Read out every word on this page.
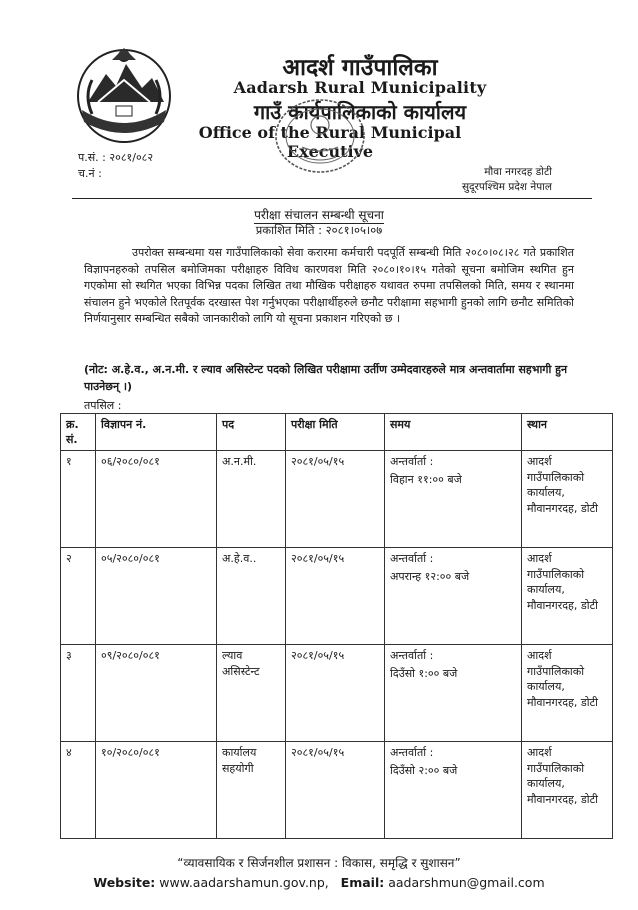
आदर्श गाउँपालिका
Aadarsh Rural Municipality
गाउँ कार्यपालिकाको कार्यालय
Office of the Rural Municipal Executive
प.सं. : २०८१/०८२
च.नं :	मौवा नगरदह डोटी
सुदूरपश्चिम प्रदेश नेपाल
परीक्षा संचालन सम्बन्धी सूचना
प्रकाशित मिति : २०८१।०५।०७

उपरोक्त सम्बन्धमा यस गाउँपालिकाको सेवा करारमा कर्मचारी पदपूर्ति सम्बन्धी मिति २०८०।०८।२८ गते प्रकाशित विज्ञापनहरुको तपसिल बमोजिमका परीक्षाहरु विविध कारणवश मिति २०८०।१०।१५ गतेको सूचना बमोजिम स्थगित हुन गएकोमा सो स्थगित भएका विभिन्न पदका लिखित तथा मौखिक परीक्षाहरु यथावत रुपमा तपसिलको मिति, समय र स्थानमा संचालन हुने भएकोले रितपूर्वक दरखास्त पेश गर्नुभएका परीक्षार्थीहरुले छनौट परीक्षामा सहभागी हुनको लागि छनौट समितिको निर्णयानुसार सम्बन्धित सबैको जानकारीको लागि यो सूचना प्रकाशन गरिएको छ ।

(नोट: अ.हे.व., अ.न.मी. र ल्याव असिस्टेन्ट पदको लिखित परीक्षामा उर्तीण उम्मेदवारहरुले मात्र अन्तवार्तामा सहभागी हुन पाउनेछन् ।)

तपसिल :
क्र. सं.	विज्ञापन नं.	पद	परीक्षा मिति	समय	स्थान
१	०६/२०८०/०८१	अ.न.मी.	२०८१/०५/१५	अन्तर्वार्ता :
विहान ११:०० बजे	आदर्श गाउँपालिकाको कार्यालय, मौवानगरदह, डोटी
२	०५/२०८०/०८१	अ.हे.व..	२०८१/०५/१५	अन्तर्वार्ता :
अपरान्ह १२:०० बजे	आदर्श गाउँपालिकाको कार्यालय, मौवानगरदह, डोटी
३	०९/२०८०/०८१	ल्याव असिस्टेन्ट	२०८१/०५/१५	अन्तर्वार्ता :
दिउँसो १:०० बजे	आदर्श गाउँपालिकाको कार्यालय, मौवानगरदह, डोटी
४	१०/२०८०/०८१	कार्यालय सहयोगी	२०८१/०५/१५	अन्तर्वार्ता :
दिउँसो २:०० बजे	आदर्श गाउँपालिकाको कार्यालय, मौवानगरदह, डोटी
“व्यावसायिक र सिर्जनशील प्रशासन : विकास, समृद्धि र सुशासन”
Website: www.aadarshamun.gov.np, Email: aadarshmun@gmail.com
